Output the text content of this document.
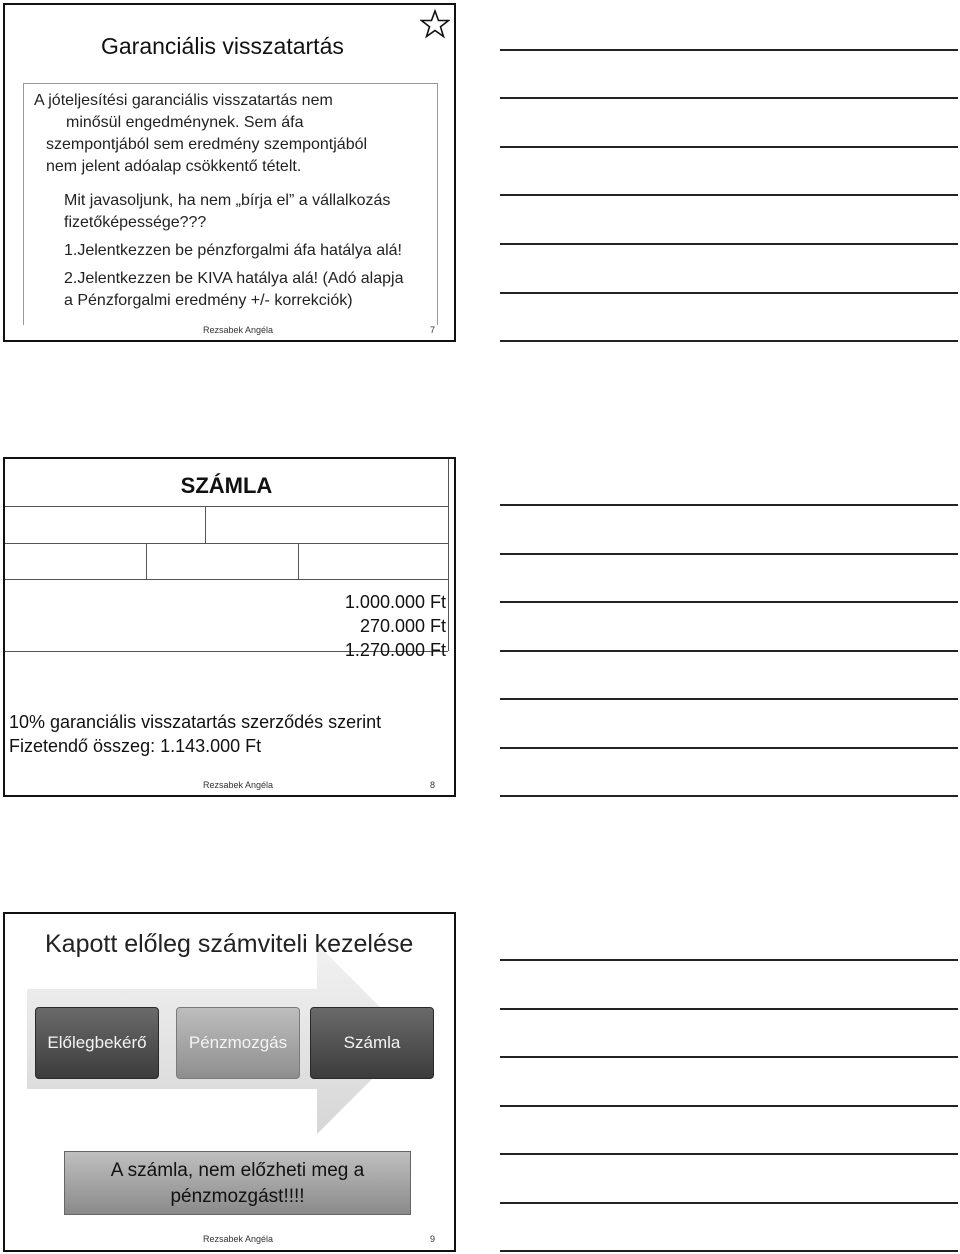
Garanciális visszatartás
A jóteljesítési garanciális visszatartás nem
minősül engedménynek. Sem áfa
szempontjából sem eredmény szempontjából
nem jelent adóalap csökkentő tételt.
Mit javasoljunk, ha nem „bírja el” a vállalkozás
fizetőképessége???
1.Jelentkezzen be pénzforgalmi áfa hatálya alá!
2.Jelentkezzen be KIVA hatálya alá! (Adó alapja
a Pénzforgalmi eredmény +/- korrekciók)
Rezsabek Angéla	7
SZÁMLA
1.000.000 Ft
270.000 Ft
1.270.000 Ft
10% garanciális visszatartás szerződés szerint
Fizetendő összeg: 1.143.000 Ft
Rezsabek Angéla	8
Kapott előleg számviteli kezelése
Előlegbekérő	Pénzmozgás	Számla
A számla, nem előzheti meg a
pénzmozgást!!!!
Rezsabek Angéla	9
